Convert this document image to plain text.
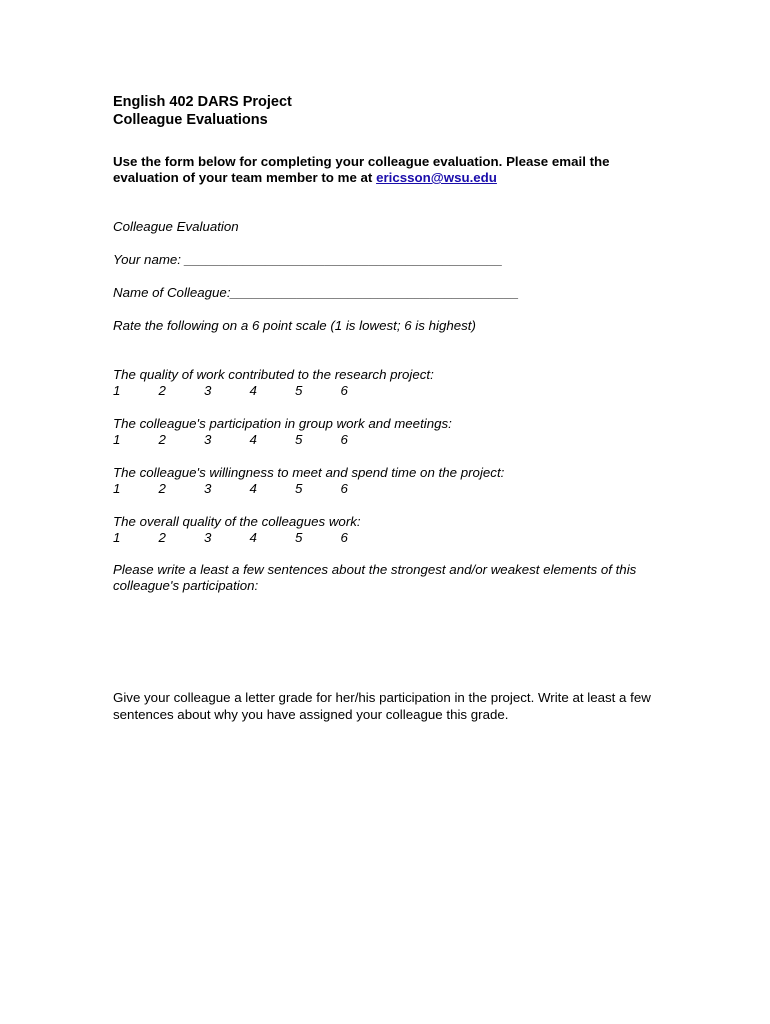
English 402 DARS Project
Colleague Evaluations
Use the form below for completing your colleague evaluation. Please email the evaluation of your team member to me at ericsson@wsu.edu
Colleague Evaluation
Your name: ___________________________________________
Name of Colleague:_______________________________________
Rate the following on a 6 point scale (1 is lowest; 6 is highest)
The quality of work contributed to the research project:
1	2	3	4	5	6
The colleague's participation in group work and meetings:
1	2	3	4	5	6
The colleague's willingness to meet and spend time on the project:
1	2	3	4	5	6
The overall quality of the colleagues work:
1	2	3	4	5	6
Please write a least a few sentences about the strongest and/or weakest elements of this colleague's participation:
Give your colleague a letter grade for her/his participation in the project. Write at least a few sentences about why you have assigned your colleague this grade.
